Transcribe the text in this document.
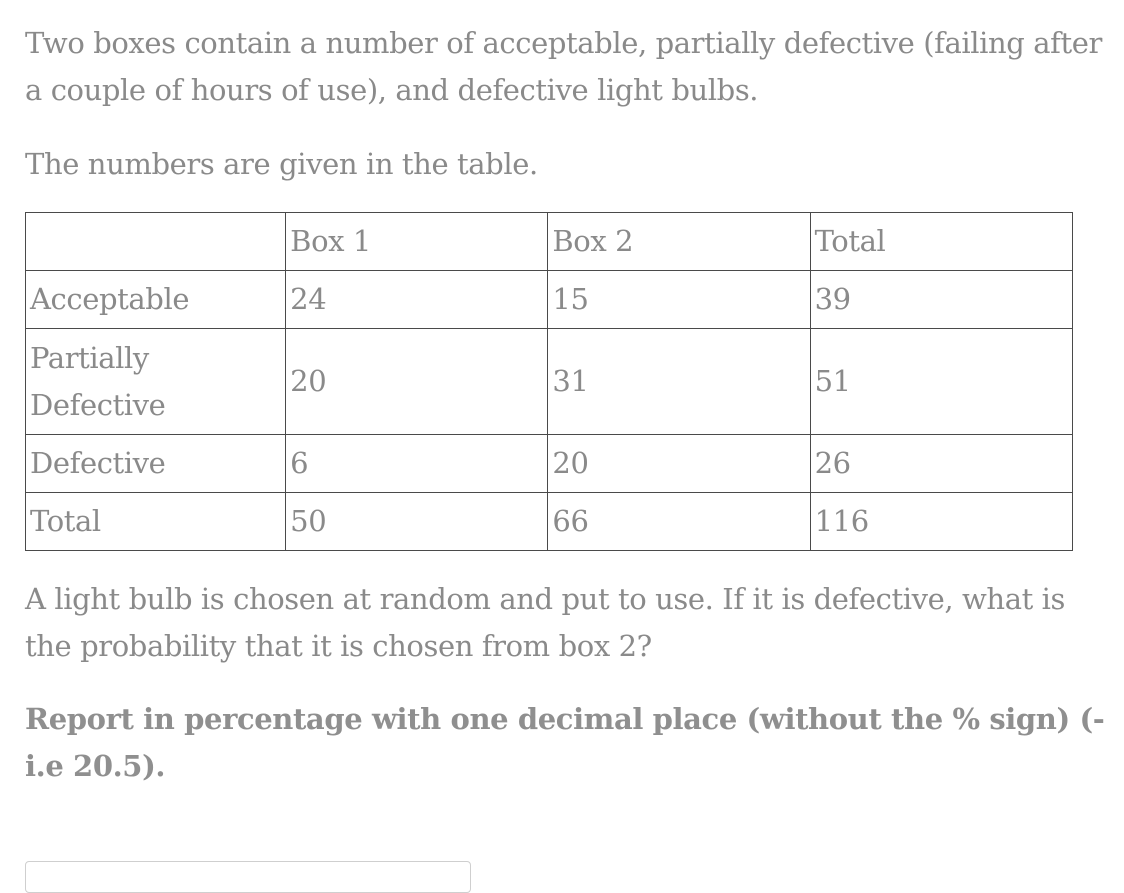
Two boxes contain a number of acceptable, partially defective (failing after a couple of hours of use), and defective light bulbs.

The numbers are given in the table.

	Box 1	Box 2	Total
Acceptable	24	15	39
Partially Defective	20	31	51
Defective	6	20	26
Total	50	66	116

A light bulb is chosen at random and put to use. If it is defective, what is the probability that it is chosen from box 2?

Report in percentage with one decimal place (without the % sign) (-i.e 20.5).
